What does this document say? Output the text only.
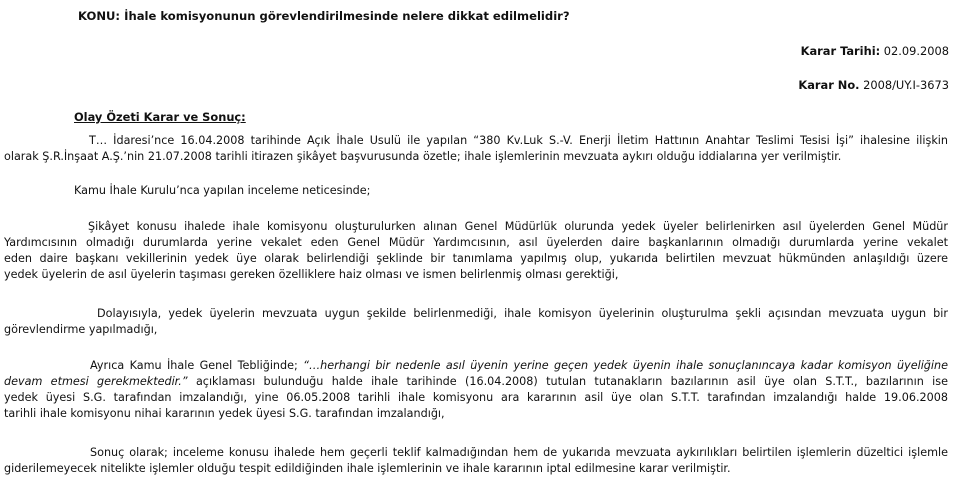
KONU: İhale komisyonunun görevlendirilmesinde nelere dikkat edilmelidir?
Karar Tarihi: 02.09.2008
Karar No. 2008/UY.I-3673
Olay Özeti Karar ve Sonuç:
T… İdaresi’nce 16.04.2008 tarihinde Açık İhale Usulü ile yapılan “380 Kv.Luk S.-V. Enerji İletim Hattının Anahtar Teslimi Tesisi İşi” ihalesine ilişkin
olarak Ş.R.İnşaat A.Ş.’nin 21.07.2008 tarihli itirazen şikâyet başvurusunda özetle; ihale işlemlerinin mevzuata aykırı olduğu iddialarına yer verilmiştir.
Kamu İhale Kurulu’nca yapılan inceleme neticesinde;
Şikâyet konusu ihalede ihale komisyonu oluşturulurken alınan Genel Müdürlük olurunda yedek üyeler belirlenirken asıl üyelerden Genel Müdür
Yardımcısının olmadığı durumlarda yerine vekalet eden Genel Müdür Yardımcısının, asıl üyelerden daire başkanlarının olmadığı durumlarda yerine vekalet
eden daire başkanı vekillerinin yedek üye olarak belirlendiği şeklinde bir tanımlama yapılmış olup, yukarıda belirtilen mevzuat hükmünden anlaşıldığı üzere
yedek üyelerin de asıl üyelerin taşıması gereken özelliklere haiz olması ve ismen belirlenmiş olması gerektiği,
Dolayısıyla, yedek üyelerin mevzuata uygun şekilde belirlenmediği, ihale komisyon üyelerinin oluşturulma şekli açısından mevzuata uygun bir
görevlendirme yapılmadığı,
Ayrıca Kamu İhale Genel Tebliğinde; “…herhangi bir nedenle asıl üyenin yerine geçen yedek üyenin ihale sonuçlanıncaya kadar komisyon üyeliğine
devam etmesi gerekmektedir.” açıklaması bulunduğu halde ihale tarihinde (16.04.2008) tutulan tutanakların bazılarının asil üye olan S.T.T., bazılarının ise
yedek üyesi S.G. tarafından imzalandığı, yine 06.05.2008 tarihli ihale komisyonu ara kararının asil üye olan S.T.T. tarafından imzalandığı halde 19.06.2008
tarihli ihale komisyonu nihai kararının yedek üyesi S.G. tarafından imzalandığı,
Sonuç olarak; inceleme konusu ihalede hem geçerli teklif kalmadığından hem de yukarıda mevzuata aykırılıkları belirtilen işlemlerin düzeltici işlemle
giderilemeyecek nitelikte işlemler olduğu tespit edildiğinden ihale işlemlerinin ve ihale kararının iptal edilmesine karar verilmiştir.
